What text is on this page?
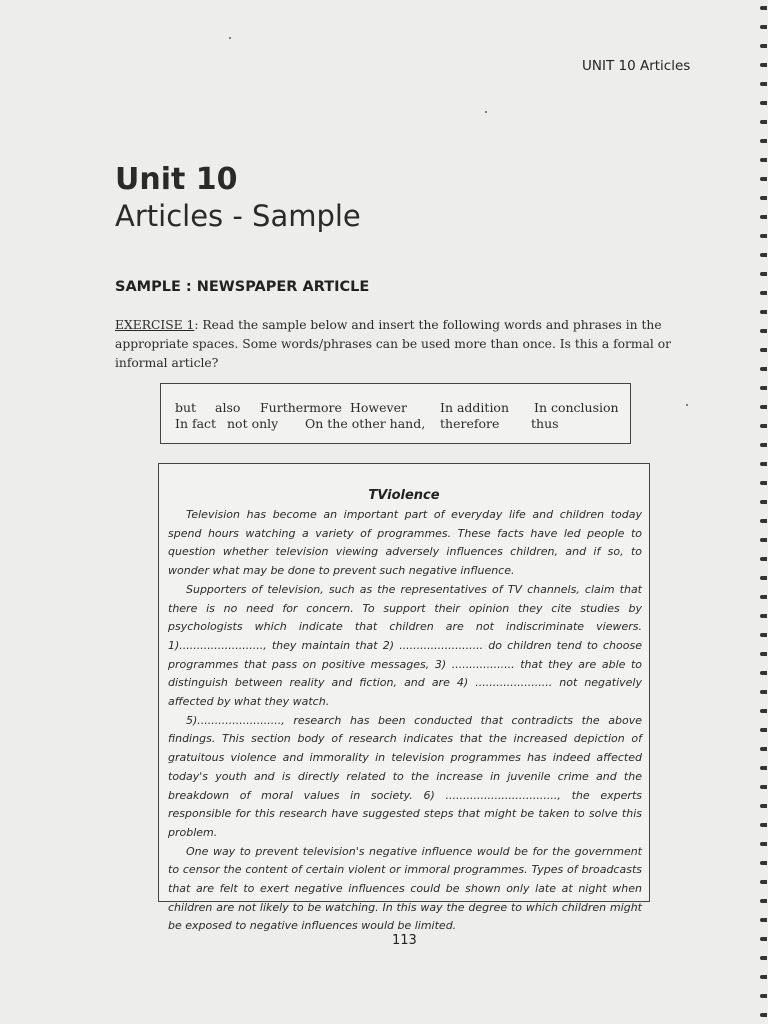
UNIT 10 Articles
Unit 10
Articles - Sample
SAMPLE : NEWSPAPER ARTICLE
EXERCISE 1: Read the sample below and insert the following words and phrases in the appropriate spaces. Some words/phrases can be used more than once. Is this a formal or informal article?
but also Furthermore However	In addition In conclusion
In fact not only On the other hand, therefore	thus
TViolence

Television has become an important part of everyday life and children today spend hours watching a variety of programmes. These facts have led people to question whether television viewing adversely influences children, and if so, to wonder what may be done to prevent such negative influence.

Supporters of television, such as the representatives of TV channels, claim that there is no need for concern. To support their opinion they cite studies by psychologists which indicate that children are not indiscriminate viewers. 1)........................, they maintain that 2) ........................ do children tend to choose programmes that pass on positive messages, 3) .................. that they are able to distinguish between reality and fiction, and are 4) ...................... not negatively affected by what they watch.

5)........................, research has been conducted that contradicts the above findings. This section body of research indicates that the increased depiction of gratuitous violence and immorality in television programmes has indeed affected today's youth and is directly related to the increase in juvenile crime and the breakdown of moral values in society. 6) ................................, the experts responsible for this research have suggested steps that might be taken to solve this problem.

One way to prevent television's negative influence would be for the government to censor the content of certain violent or immoral programmes. Types of broadcasts that are felt to exert negative influences could be shown only late at night when children are not likely to be watching. In this way the degree to which children might be exposed to negative influences would be limited.

113
